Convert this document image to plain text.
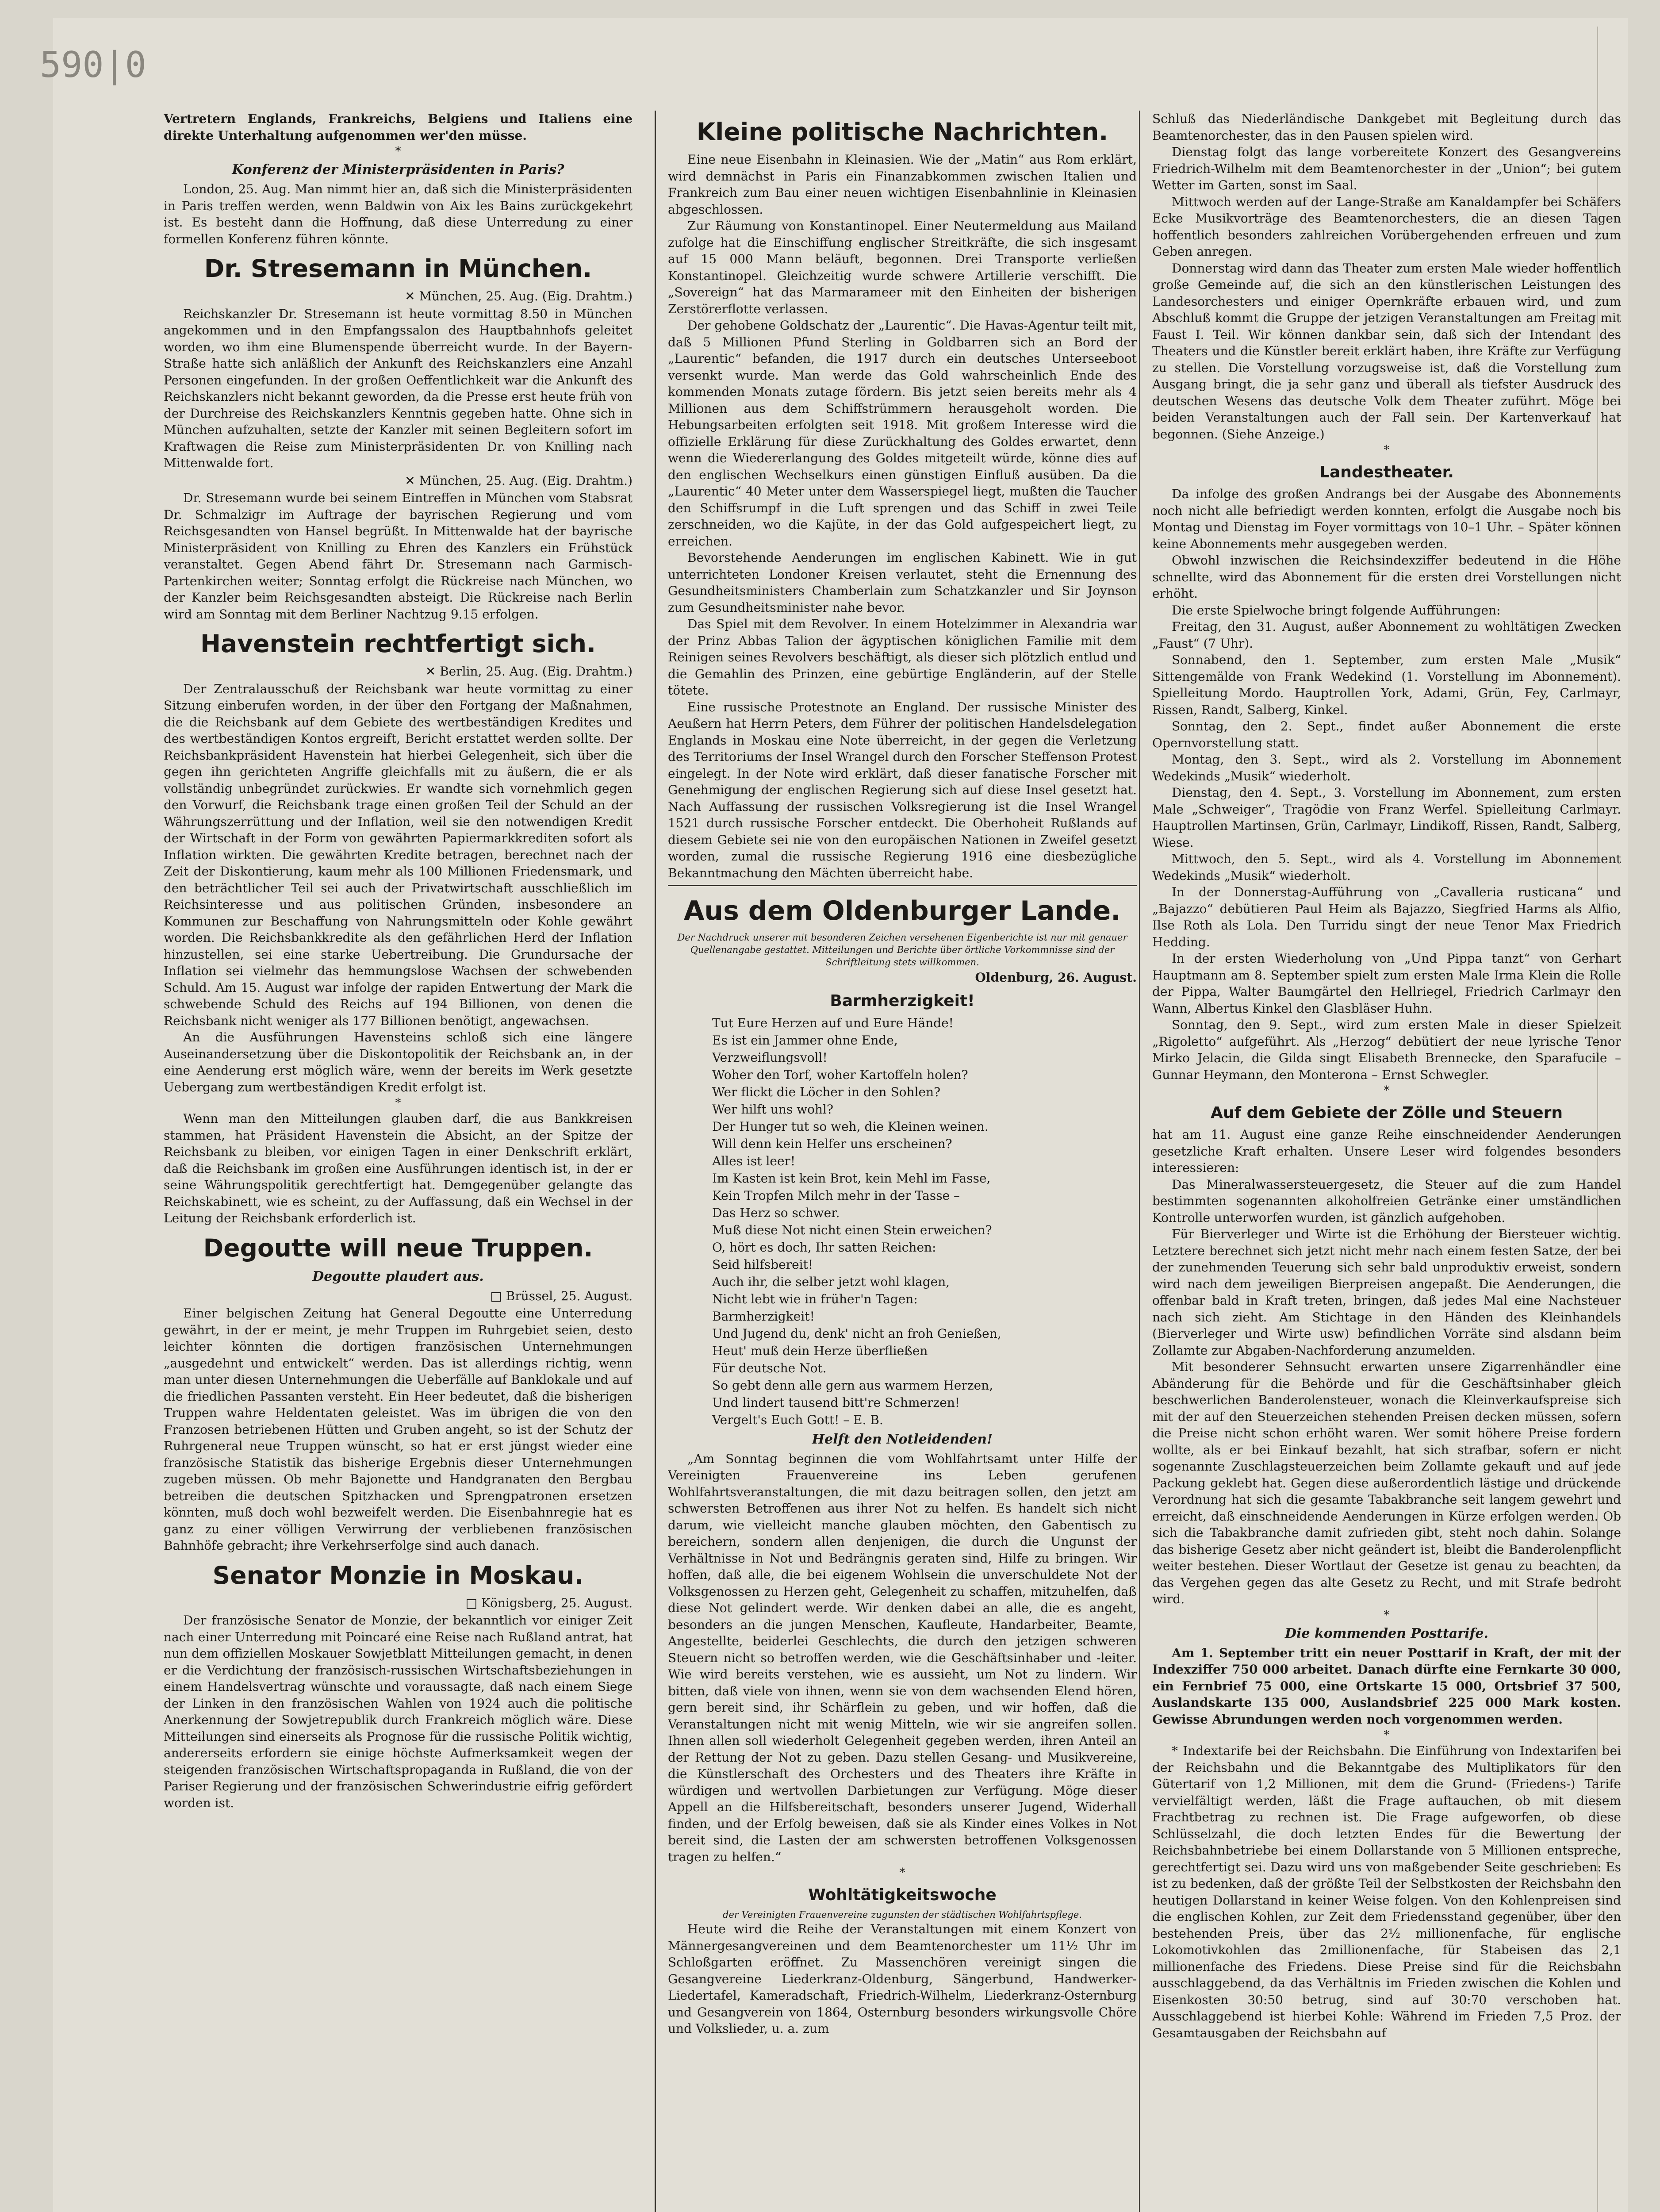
590|0

Vertretern Englands, Frankreichs, Belgiens und Italiens eine direkte Unterhaltung aufgenommen wer'den müsse.

*
Konferenz der Ministerpräsidenten in Paris?

London, 25. Aug. Man nimmt hier an, daß sich die Ministerpräsidenten in Paris treffen werden, wenn Baldwin von Aix les Bains zurückgekehrt ist. Es besteht dann die Hoffnung, daß diese Unterredung zu einer formellen Konferenz führen könnte.

Dr. Stresemann in München.
✕ München, 25. Aug. (Eig. Drahtm.)

Reichskanzler Dr. Stresemann ist heute vormittag 8.50 in München angekommen und in den Empfangssalon des Hauptbahnhofs geleitet worden, wo ihm eine Blumenspende überreicht wurde. In der Bayern-Straße hatte sich anläßlich der Ankunft des Reichskanzlers eine Anzahl Personen eingefunden. In der großen Oeffentlichkeit war die Ankunft des Reichskanzlers nicht bekannt geworden, da die Presse erst heute früh von der Durchreise des Reichskanzlers Kenntnis gegeben hatte. Ohne sich in München aufzuhalten, setzte der Kanzler mit seinen Begleitern sofort im Kraftwagen die Reise zum Ministerpräsidenten Dr. von Knilling nach Mittenwalde fort.

✕ München, 25. Aug. (Eig. Drahtm.)

Dr. Stresemann wurde bei seinem Eintreffen in München vom Stabsrat Dr. Schmalzigr im Auftrage der bayrischen Regierung und vom Reichsgesandten von Hansel begrüßt. In Mittenwalde hat der bayrische Ministerpräsident von Knilling zu Ehren des Kanzlers ein Frühstück veranstaltet. Gegen Abend fährt Dr. Stresemann nach Garmisch-Partenkirchen weiter; Sonntag erfolgt die Rückreise nach München, wo der Kanzler beim Reichsgesandten absteigt. Die Rückreise nach Berlin wird am Sonntag mit dem Berliner Nachtzug 9.15 erfolgen.

Havenstein rechtfertigt sich.
✕ Berlin, 25. Aug. (Eig. Drahtm.)

Der Zentralausschuß der Reichsbank war heute vormittag zu einer Sitzung einberufen worden, in der über den Fortgang der Maßnahmen, die die Reichsbank auf dem Gebiete des wertbeständigen Kredites und des wertbeständigen Kontos ergreift, Bericht erstattet werden sollte. Der Reichsbankpräsident Havenstein hat hierbei Gelegenheit, sich über die gegen ihn gerichteten Angriffe gleichfalls mit zu äußern, die er als vollständig unbegründet zurückwies. Er wandte sich vornehmlich gegen den Vorwurf, die Reichsbank trage einen großen Teil der Schuld an der Währungszerrüttung und der Inflation, weil sie den notwendigen Kredit der Wirtschaft in der Form von gewährten Papiermarkkrediten sofort als Inflation wirkten. Die gewährten Kredite betragen, berechnet nach der Zeit der Diskontierung, kaum mehr als 100 Millionen Friedensmark, und den beträchtlicher Teil sei auch der Privatwirtschaft ausschließlich im Reichsinteresse und aus politischen Gründen, insbesondere an Kommunen zur Beschaffung von Nahrungsmitteln oder Kohle gewährt worden. Die Reichsbankkredite als den gefährlichen Herd der Inflation hinzustellen, sei eine starke Uebertreibung. Die Grundursache der Inflation sei vielmehr das hemmungslose Wachsen der schwebenden Schuld. Am 15. August war infolge der rapiden Entwertung der Mark die schwebende Schuld des Reichs auf 194 Billionen, von denen die Reichsbank nicht weniger als 177 Billionen benötigt, angewachsen.

An die Ausführungen Havensteins schloß sich eine längere Auseinandersetzung über die Diskontopolitik der Reichsbank an, in der eine Aenderung erst möglich wäre, wenn der bereits im Werk gesetzte Uebergang zum wertbeständigen Kredit erfolgt ist.

*

Wenn man den Mitteilungen glauben darf, die aus Bankkreisen stammen, hat Präsident Havenstein die Absicht, an der Spitze der Reichsbank zu bleiben, vor einigen Tagen in einer Denkschrift erklärt, daß die Reichsbank im großen eine Ausführungen identisch ist, in der er seine Währungspolitik gerechtfertigt hat. Demgegenüber gelangte das Reichskabinett, wie es scheint, zu der Auffassung, daß ein Wechsel in der Leitung der Reichsbank erforderlich ist.

Degoutte will neue Truppen.
Degoutte plaudert aus.
□ Brüssel, 25. August.

Einer belgischen Zeitung hat General Degoutte eine Unterredung gewährt, in der er meint, je mehr Truppen im Ruhrgebiet seien, desto leichter könnten die dortigen französischen Unternehmungen „ausgedehnt und entwickelt“ werden. Das ist allerdings richtig, wenn man unter diesen Unternehmungen die Ueberfälle auf Banklokale und auf die friedlichen Passanten versteht. Ein Heer bedeutet, daß die bisherigen Truppen wahre Heldentaten geleistet. Was im übrigen die von den Franzosen betriebenen Hütten und Gruben angeht, so ist der Schutz der Ruhrgeneral neue Truppen wünscht, so hat er erst jüngst wieder eine französische Statistik das bisherige Ergebnis dieser Unternehmungen zugeben müssen. Ob mehr Bajonette und Handgranaten den Bergbau betreiben die deutschen Spitzhacken und Sprengpatronen ersetzen könnten, muß doch wohl bezweifelt werden. Die Eisenbahnregie hat es ganz zu einer völligen Verwirrung der verbliebenen französischen Bahnhöfe gebracht; ihre Verkehrserfolge sind auch danach.

Senator Monzie in Moskau.
□ Königsberg, 25. August.

Der französische Senator de Monzie, der bekanntlich vor einiger Zeit nach einer Unterredung mit Poincaré eine Reise nach Rußland antrat, hat nun dem offiziellen Moskauer Sowjetblatt Mitteilungen gemacht, in denen er die Verdichtung der französisch-russischen Wirtschaftsbeziehungen in einem Handelsvertrag wünschte und voraussagte, daß nach einem Siege der Linken in den französischen Wahlen von 1924 auch die politische Anerkennung der Sowjetrepublik durch Frankreich möglich wäre. Diese Mitteilungen sind einerseits als Prognose für die russische Politik wichtig, andererseits erfordern sie einige höchste Aufmerksamkeit wegen der steigenden französischen Wirtschaftspropaganda in Rußland, die von der Pariser Regierung und der französischen Schwerindustrie eifrig gefördert worden ist.

Kleine politische Nachrichten.

Eine neue Eisenbahn in Kleinasien. Wie der „Matin“ aus Rom erklärt, wird demnächst in Paris ein Finanzabkommen zwischen Italien und Frankreich zum Bau einer neuen wichtigen Eisenbahnlinie in Kleinasien abgeschlossen.

Zur Räumung von Konstantinopel. Einer Neutermeldung aus Mailand zufolge hat die Einschiffung englischer Streitkräfte, die sich insgesamt auf 15 000 Mann beläuft, begonnen. Drei Transporte verließen Konstantinopel. Gleichzeitig wurde schwere Artillerie verschifft. Die „Sovereign“ hat das Marmarameer mit den Einheiten der bisherigen Zerstörerflotte verlassen.

Der gehobene Goldschatz der „Laurentic“. Die Havas-Agentur teilt mit, daß 5 Millionen Pfund Sterling in Goldbarren sich an Bord der „Laurentic“ befanden, die 1917 durch ein deutsches Unterseeboot versenkt wurde. Man werde das Gold wahrscheinlich Ende des kommenden Monats zutage fördern. Bis jetzt seien bereits mehr als 4 Millionen aus dem Schiffstrümmern herausgeholt worden. Die Hebungsarbeiten erfolgten seit 1918. Mit großem Interesse wird die offizielle Erklärung für diese Zurückhaltung des Goldes erwartet, denn wenn die Wiedererlangung des Goldes mitgeteilt würde, könne dies auf den englischen Wechselkurs einen günstigen Einfluß ausüben. Da die „Laurentic“ 40 Meter unter dem Wasserspiegel liegt, mußten die Taucher den Schiffsrumpf in die Luft sprengen und das Schiff in zwei Teile zerschneiden, wo die Kajüte, in der das Gold aufgespeichert liegt, zu erreichen.

Bevorstehende Aenderungen im englischen Kabinett. Wie in gut unterrichteten Londoner Kreisen verlautet, steht die Ernennung des Gesundheitsministers Chamberlain zum Schatzkanzler und Sir Joynson zum Gesundheitsminister nahe bevor.

Das Spiel mit dem Revolver. In einem Hotelzimmer in Alexandria war der Prinz Abbas Talion der ägyptischen königlichen Familie mit dem Reinigen seines Revolvers beschäftigt, als dieser sich plötzlich entlud und die Gemahlin des Prinzen, eine gebürtige Engländerin, auf der Stelle tötete.

Eine russische Protestnote an England. Der russische Minister des Aeußern hat Herrn Peters, dem Führer der politischen Handelsdelegation Englands in Moskau eine Note überreicht, in der gegen die Verletzung des Territoriums der Insel Wrangel durch den Forscher Steffenson Protest eingelegt. In der Note wird erklärt, daß dieser fanatische Forscher mit Genehmigung der englischen Regierung sich auf diese Insel gesetzt hat. Nach Auffassung der russischen Volksregierung ist die Insel Wrangel 1521 durch russische Forscher entdeckt. Die Oberhoheit Rußlands auf diesem Gebiete sei nie von den europäischen Nationen in Zweifel gesetzt worden, zumal die russische Regierung 1916 eine diesbezügliche Bekanntmachung den Mächten überreicht habe.

Aus dem Oldenburger Lande.
Der Nachdruck unserer mit besonderen Zeichen versehenen Eigenberichte ist nur mit genauer Quellenangabe gestattet. Mitteilungen und Berichte über örtliche Vorkommnisse sind der Schriftleitung stets willkommen.
Oldenburg, 26. August.
Barmherzigkeit!

Tut Eure Herzen auf und Eure Hände!

Es ist ein Jammer ohne Ende,

Verzweiflungsvoll!

Woher den Torf, woher Kartoffeln holen?

Wer flickt die Löcher in den Sohlen?

Wer hilft uns wohl?

Der Hunger tut so weh, die Kleinen weinen.

Will denn kein Helfer uns erscheinen?

Alles ist leer!

Im Kasten ist kein Brot, kein Mehl im Fasse,

Kein Tropfen Milch mehr in der Tasse –

Das Herz so schwer.

Muß diese Not nicht einen Stein erweichen?

O, hört es doch, Ihr satten Reichen:

Seid hilfsbereit!

Auch ihr, die selber jetzt wohl klagen,

Nicht lebt wie in früher'n Tagen:

Barmherzigkeit!

Und Jugend du, denk' nicht an froh Genießen,

Heut' muß dein Herze überfließen

Für deutsche Not.

So gebt denn alle gern aus warmem Herzen,

Und lindert tausend bitt're Schmerzen!

Vergelt's Euch Gott! – E. B.

Helft den Notleidenden!

„Am Sonntag beginnen die vom Wohlfahrtsamt unter Hilfe der Vereinigten Frauenvereine ins Leben gerufenen Wohlfahrtsveranstaltungen, die mit dazu beitragen sollen, den jetzt am schwersten Betroffenen aus ihrer Not zu helfen. Es handelt sich nicht darum, wie vielleicht manche glauben möchten, den Gabentisch zu bereichern, sondern allen denjenigen, die durch die Ungunst der Verhältnisse in Not und Bedrängnis geraten sind, Hilfe zu bringen. Wir hoffen, daß alle, die bei eigenem Wohlsein die unverschuldete Not der Volksgenossen zu Herzen geht, Gelegenheit zu schaffen, mitzuhelfen, daß diese Not gelindert werde. Wir denken dabei an alle, die es angeht, besonders an die jungen Menschen, Kaufleute, Handarbeiter, Beamte, Angestellte, beiderlei Geschlechts, die durch den jetzigen schweren Steuern nicht so betroffen werden, wie die Geschäftsinhaber und -leiter. Wie wird bereits verstehen, wie es aussieht, um Not zu lindern. Wir bitten, daß viele von ihnen, wenn sie von dem wachsenden Elend hören, gern bereit sind, ihr Schärflein zu geben, und wir hoffen, daß die Veranstaltungen nicht mit wenig Mitteln, wie wir sie angreifen sollen. Ihnen allen soll wiederholt Gelegenheit gegeben werden, ihren Anteil an der Rettung der Not zu geben. Dazu stellen Gesang- und Musikvereine, die Künstlerschaft des Orchesters und des Theaters ihre Kräfte in würdigen und wertvollen Darbietungen zur Verfügung. Möge dieser Appell an die Hilfsbereitschaft, besonders unserer Jugend, Widerhall finden, und der Erfolg beweisen, daß sie als Kinder eines Volkes in Not bereit sind, die Lasten der am schwersten betroffenen Volksgenossen tragen zu helfen.“

*
Wohltätigkeitswoche
der Vereinigten Frauenvereine zugunsten der städtischen Wohlfahrtspflege.

Heute wird die Reihe der Veranstaltungen mit einem Konzert von Männergesangvereinen und dem Beamtenorchester um 11½ Uhr im Schloßgarten eröffnet. Zu Massenchören vereinigt singen die Gesangvereine Liederkranz-Oldenburg, Sängerbund, Handwerker-Liedertafel, Kameradschaft, Friedrich-Wilhelm, Liederkranz-Osternburg und Gesangverein von 1864, Osternburg besonders wirkungsvolle Chöre und Volkslieder, u. a. zum

Schluß das Niederländische Dankgebet mit Begleitung durch das Beamtenorchester, das in den Pausen spielen wird.

Dienstag folgt das lange vorbereitete Konzert des Gesangvereins Friedrich-Wilhelm mit dem Beamtenorchester in der „Union“; bei gutem Wetter im Garten, sonst im Saal.

Mittwoch werden auf der Lange-Straße am Kanaldampfer bei Schäfers Ecke Musikvorträge des Beamtenorchesters, die an diesen Tagen hoffentlich besonders zahlreichen Vorübergehenden erfreuen und zum Geben anregen.

Donnerstag wird dann das Theater zum ersten Male wieder hoffentlich große Gemeinde auf, die sich an den künstlerischen Leistungen des Landesorchesters und einiger Opernkräfte erbauen wird, und zum Abschluß kommt die Gruppe der jetzigen Veranstaltungen am Freitag mit Faust I. Teil. Wir können dankbar sein, daß sich der Intendant des Theaters und die Künstler bereit erklärt haben, ihre Kräfte zur Verfügung zu stellen. Die Vorstellung vorzugsweise ist, daß die Vorstellung zum Ausgang bringt, die ja sehr ganz und überall als tiefster Ausdruck des deutschen Wesens das deutsche Volk dem Theater zuführt. Möge bei beiden Veranstaltungen auch der Fall sein. Der Kartenverkauf hat begonnen. (Siehe Anzeige.)

*
Landestheater.

Da infolge des großen Andrangs bei der Ausgabe des Abonnements noch nicht alle befriedigt werden konnten, erfolgt die Ausgabe noch bis Montag und Dienstag im Foyer vormittags von 10–1 Uhr. – Später können keine Abonnements mehr ausgegeben werden.

Obwohl inzwischen die Reichsindexziffer bedeutend in die Höhe schnellte, wird das Abonnement für die ersten drei Vorstellungen nicht erhöht.

Die erste Spielwoche bringt folgende Aufführungen:

Freitag, den 31. August, außer Abonnement zu wohltätigen Zwecken „Faust“ (7 Uhr).

Sonnabend, den 1. September, zum ersten Male „Musik“ Sittengemälde von Frank Wedekind (1. Vorstellung im Abonnement). Spielleitung Mordo. Hauptrollen York, Adami, Grün, Fey, Carlmayr, Rissen, Randt, Salberg, Kinkel.

Sonntag, den 2. Sept., findet außer Abonnement die erste Opernvorstellung statt.

Montag, den 3. Sept., wird als 2. Vorstellung im Abonnement Wedekinds „Musik“ wiederholt.

Dienstag, den 4. Sept., 3. Vorstellung im Abonnement, zum ersten Male „Schweiger“, Tragödie von Franz Werfel. Spielleitung Carlmayr. Hauptrollen Martinsen, Grün, Carlmayr, Lindikoff, Rissen, Randt, Salberg, Wiese.

Mittwoch, den 5. Sept., wird als 4. Vorstellung im Abonnement Wedekinds „Musik“ wiederholt.

In der Donnerstag-Aufführung von „Cavalleria rusticana“ und „Bajazzo“ debütieren Paul Heim als Bajazzo, Siegfried Harms als Alfio, Ilse Roth als Lola. Den Turridu singt der neue Tenor Max Friedrich Hedding.

In der ersten Wiederholung von „Und Pippa tanzt“ von Gerhart Hauptmann am 8. September spielt zum ersten Male Irma Klein die Rolle der Pippa, Walter Baumgärtel den Hellriegel, Friedrich Carlmayr den Wann, Albertus Kinkel den Glasbläser Huhn.

Sonntag, den 9. Sept., wird zum ersten Male in dieser Spielzeit „Rigoletto“ aufgeführt. Als „Herzog“ debütiert der neue lyrische Tenor Mirko Jelacin, die Gilda singt Elisabeth Brennecke, den Sparafucile – Gunnar Heymann, den Monterona – Ernst Schwegler.

*
Auf dem Gebiete der Zölle und Steuern

hat am 11. August eine ganze Reihe einschneidender Aenderungen gesetzliche Kraft erhalten. Unsere Leser wird folgendes besonders interessieren:

Das Mineralwassersteuergesetz, die Steuer auf die zum Handel bestimmten sogenannten alkoholfreien Getränke einer umständlichen Kontrolle unterworfen wurden, ist gänzlich aufgehoben.

Für Bierverleger und Wirte ist die Erhöhung der Biersteuer wichtig. Letztere berechnet sich jetzt nicht mehr nach einem festen Satze, der bei der zunehmenden Teuerung sich sehr bald unproduktiv erweist, sondern wird nach dem jeweiligen Bierpreisen angepaßt. Die Aenderungen, die offenbar bald in Kraft treten, bringen, daß jedes Mal eine Nachsteuer nach sich zieht. Am Stichtage in den Händen des Kleinhandels (Bierverleger und Wirte usw) befindlichen Vorräte sind alsdann beim Zollamte zur Abgaben-Nachforderung anzumelden.

Mit besonderer Sehnsucht erwarten unsere Zigarrenhändler eine Abänderung für die Behörde und für die Geschäftsinhaber gleich beschwerlichen Banderolensteuer, wonach die Kleinverkaufspreise sich mit der auf den Steuerzeichen stehenden Preisen decken müssen, sofern die Preise nicht schon erhöht waren. Wer somit höhere Preise fordern wollte, als er bei Einkauf bezahlt, hat sich strafbar, sofern er nicht sogenannte Zuschlagsteuerzeichen beim Zollamte gekauft und auf jede Packung geklebt hat. Gegen diese außerordentlich lästige und drückende Verordnung hat sich die gesamte Tabakbranche seit langem gewehrt und erreicht, daß einschneidende Aenderungen in Kürze erfolgen werden. Ob sich die Tabakbranche damit zufrieden gibt, steht noch dahin. Solange das bisherige Gesetz aber nicht geändert ist, bleibt die Banderolenpflicht weiter bestehen. Dieser Wortlaut der Gesetze ist genau zu beachten, da das Vergehen gegen das alte Gesetz zu Recht, und mit Strafe bedroht wird.

*
Die kommenden Posttarife.

Am 1. September tritt ein neuer Posttarif in Kraft, der mit der Indexziffer 750 000 arbeitet. Danach dürfte eine Fernkarte 30 000, ein Fernbrief 75 000, eine Ortskarte 15 000, Ortsbrief 37 500, Auslandskarte 135 000, Auslandsbrief 225 000 Mark kosten. Gewisse Abrundungen werden noch vorgenommen werden.

*

* Indextarife bei der Reichsbahn. Die Einführung von Indextarifen bei der Reichsbahn und die Bekanntgabe des Multiplikators für den Gütertarif von 1,2 Millionen, mit dem die Grund- (Friedens-) Tarife vervielfältigt werden, läßt die Frage auftauchen, ob mit diesem Frachtbetrag zu rechnen ist. Die Frage aufgeworfen, ob diese Schlüsselzahl, die doch letzten Endes für die Bewertung der Reichsbahnbetriebe bei einem Dollarstande von 5 Millionen entspreche, gerechtfertigt sei. Dazu wird uns von maßgebender Seite geschrieben: Es ist zu bedenken, daß der größte Teil der Selbstkosten der Reichsbahn den heutigen Dollarstand in keiner Weise folgen. Von den Kohlenpreisen sind die englischen Kohlen, zur Zeit dem Friedensstand gegenüber, über den bestehenden Preis, über das 2½ millionenfache, für englische Lokomotivkohlen das 2millionenfache, für Stabeisen das 2,1 millionenfache des Friedens. Diese Preise sind für die Reichsbahn ausschlaggebend, da das Verhältnis im Frieden zwischen die Kohlen und Eisenkosten 30:50 betrug, sind auf 30:70 verschoben hat. Ausschlaggebend ist hierbei Kohle: Während im Frieden 7,5 Proz. der Gesamtausgaben der Reichsbahn auf
